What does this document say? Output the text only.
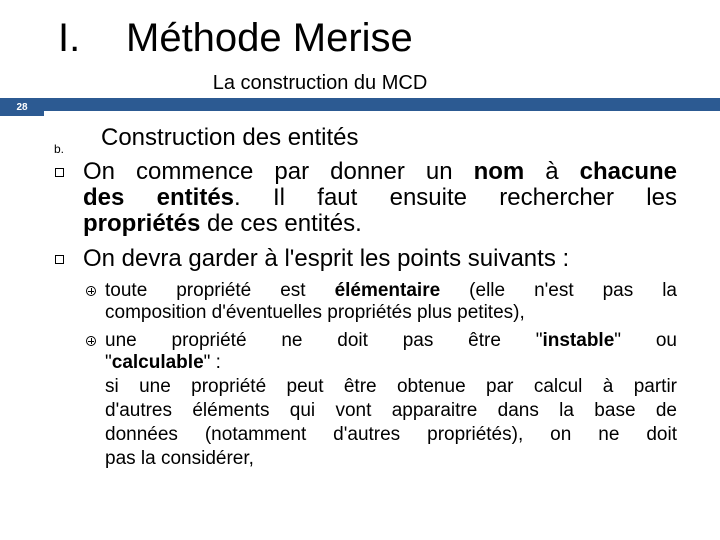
I. Méthode Merise
La construction du MCD
28
b. Construction des entités
On commence par donner un nom à chacune
des entités. Il faut ensuite rechercher les
propriétés de ces entités.
On devra garder à l'esprit les points suivants :
toute propriété est élémentaire (elle n'est pas la
composition d'éventuelles propriétés plus petites),
une propriété ne doit pas être "instable" ou
"calculable" :
si une propriété peut être obtenue par calcul à partir
d'autres éléments qui vont apparaitre dans la base de
données (notamment d'autres propriétés), on ne doit
pas la considérer,
